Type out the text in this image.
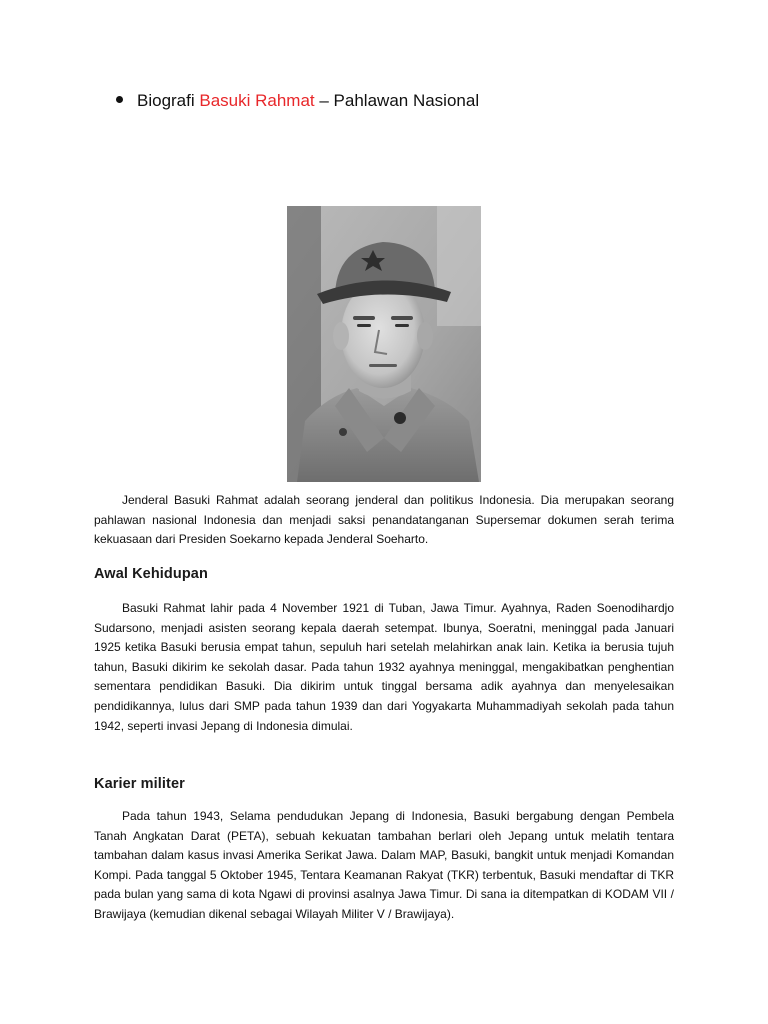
Biografi Basuki Rahmat – Pahlawan Nasional

Jenderal Basuki Rahmat adalah seorang jenderal dan politikus Indonesia. Dia merupakan seorang pahlawan nasional Indonesia dan menjadi saksi penandatanganan Supersemar dokumen serah terima kekuasaan dari Presiden Soekarno kepada Jenderal Soeharto.

Awal Kehidupan

Basuki Rahmat lahir pada 4 November 1921 di Tuban, Jawa Timur. Ayahnya, Raden Soenodihardjo Sudarsono, menjadi asisten seorang kepala daerah setempat. Ibunya, Soeratni, meninggal pada Januari 1925 ketika Basuki berusia empat tahun, sepuluh hari setelah melahirkan anak lain. Ketika ia berusia tujuh tahun, Basuki dikirim ke sekolah dasar. Pada tahun 1932 ayahnya meninggal, mengakibatkan penghentian sementara pendidikan Basuki. Dia dikirim untuk tinggal bersama adik ayahnya dan menyelesaikan pendidikannya, lulus dari SMP pada tahun 1939 dan dari Yogyakarta Muhammadiyah sekolah pada tahun 1942, seperti invasi Jepang di Indonesia dimulai.

Karier militer

Pada tahun 1943, Selama pendudukan Jepang di Indonesia, Basuki bergabung dengan Pembela Tanah Angkatan Darat (PETA), sebuah kekuatan tambahan berlari oleh Jepang untuk melatih tentara tambahan dalam kasus invasi Amerika Serikat Jawa. Dalam MAP, Basuki, bangkit untuk menjadi Komandan Kompi. Pada tanggal 5 Oktober 1945, Tentara Keamanan Rakyat (TKR) terbentuk, Basuki mendaftar di TKR pada bulan yang sama di kota Ngawi di provinsi asalnya Jawa Timur. Di sana ia ditempatkan di KODAM VII / Brawijaya (kemudian dikenal sebagai Wilayah Militer V / Brawijaya).
